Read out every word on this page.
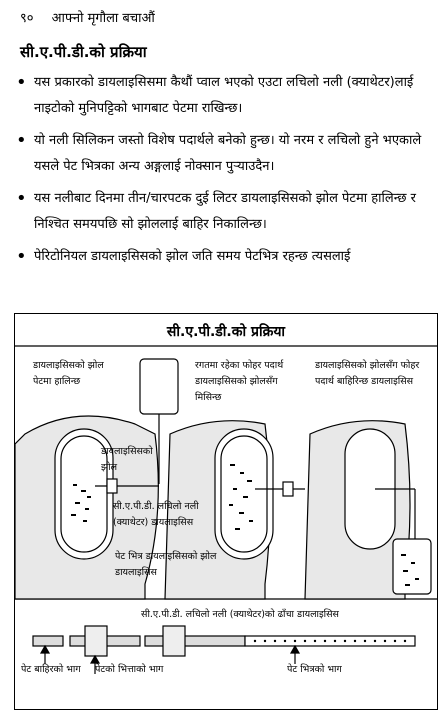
९० आफ्नो मृगौला बचाऔं
सी.ए.पी.डी.को प्रक्रिया
• यस प्रकारको डायलाइसिसमा कैथौं प्वाल भएको एउटा लचिलो नली (क्याथेटर)लाई नाइटोको मुनिपट्टिको भागबाट पेटमा राखिन्छ।
• यो नली सिलिकन जस्तो विशेष पदार्थले बनेको हुन्छ। यो नरम र लचिलो हुने भएकाले यसले पेट भित्रका अन्य अङ्गलाई नोक्सान पुऱ्याउदैन।
• यस नलीबाट दिनमा तीन/चारपटक दुई लिटर डायलाइसिसको झोल पेटमा हालिन्छ र निश्चित समयपछि सो झोललाई बाहिर निकालिन्छ।
• पेरिटोनियल डायलाइसिसको झोल जति समय पेटभित्र रहन्छ त्यसलाई
सी.ए.पी.डी.को प्रक्रिया
डायलाइसिसको झोल पेटमा हालिन्छ
डायलाइसिसको झोल
सी.ए.पी.डी. लचिलो नली (क्याथेटर) डायलाइसिस
पेट भित्र डायलाइसिसको झोल डायलाइसिस
रगतमा रहेका फोहर पदार्थ डायलाइसिसको झोलसँग मिसिन्छ
डायलाइसिसको झोलसँग फोहर पदार्थ बाहिरिन्छ डायलाइसिस
सी.ए.पी.डी. लचिलो नली (क्याथेटर)को ढाँचा डायलाइसिस
पेट बाहिरको भाग पेटको भित्ताको भाग	पेट भित्रको भाग
